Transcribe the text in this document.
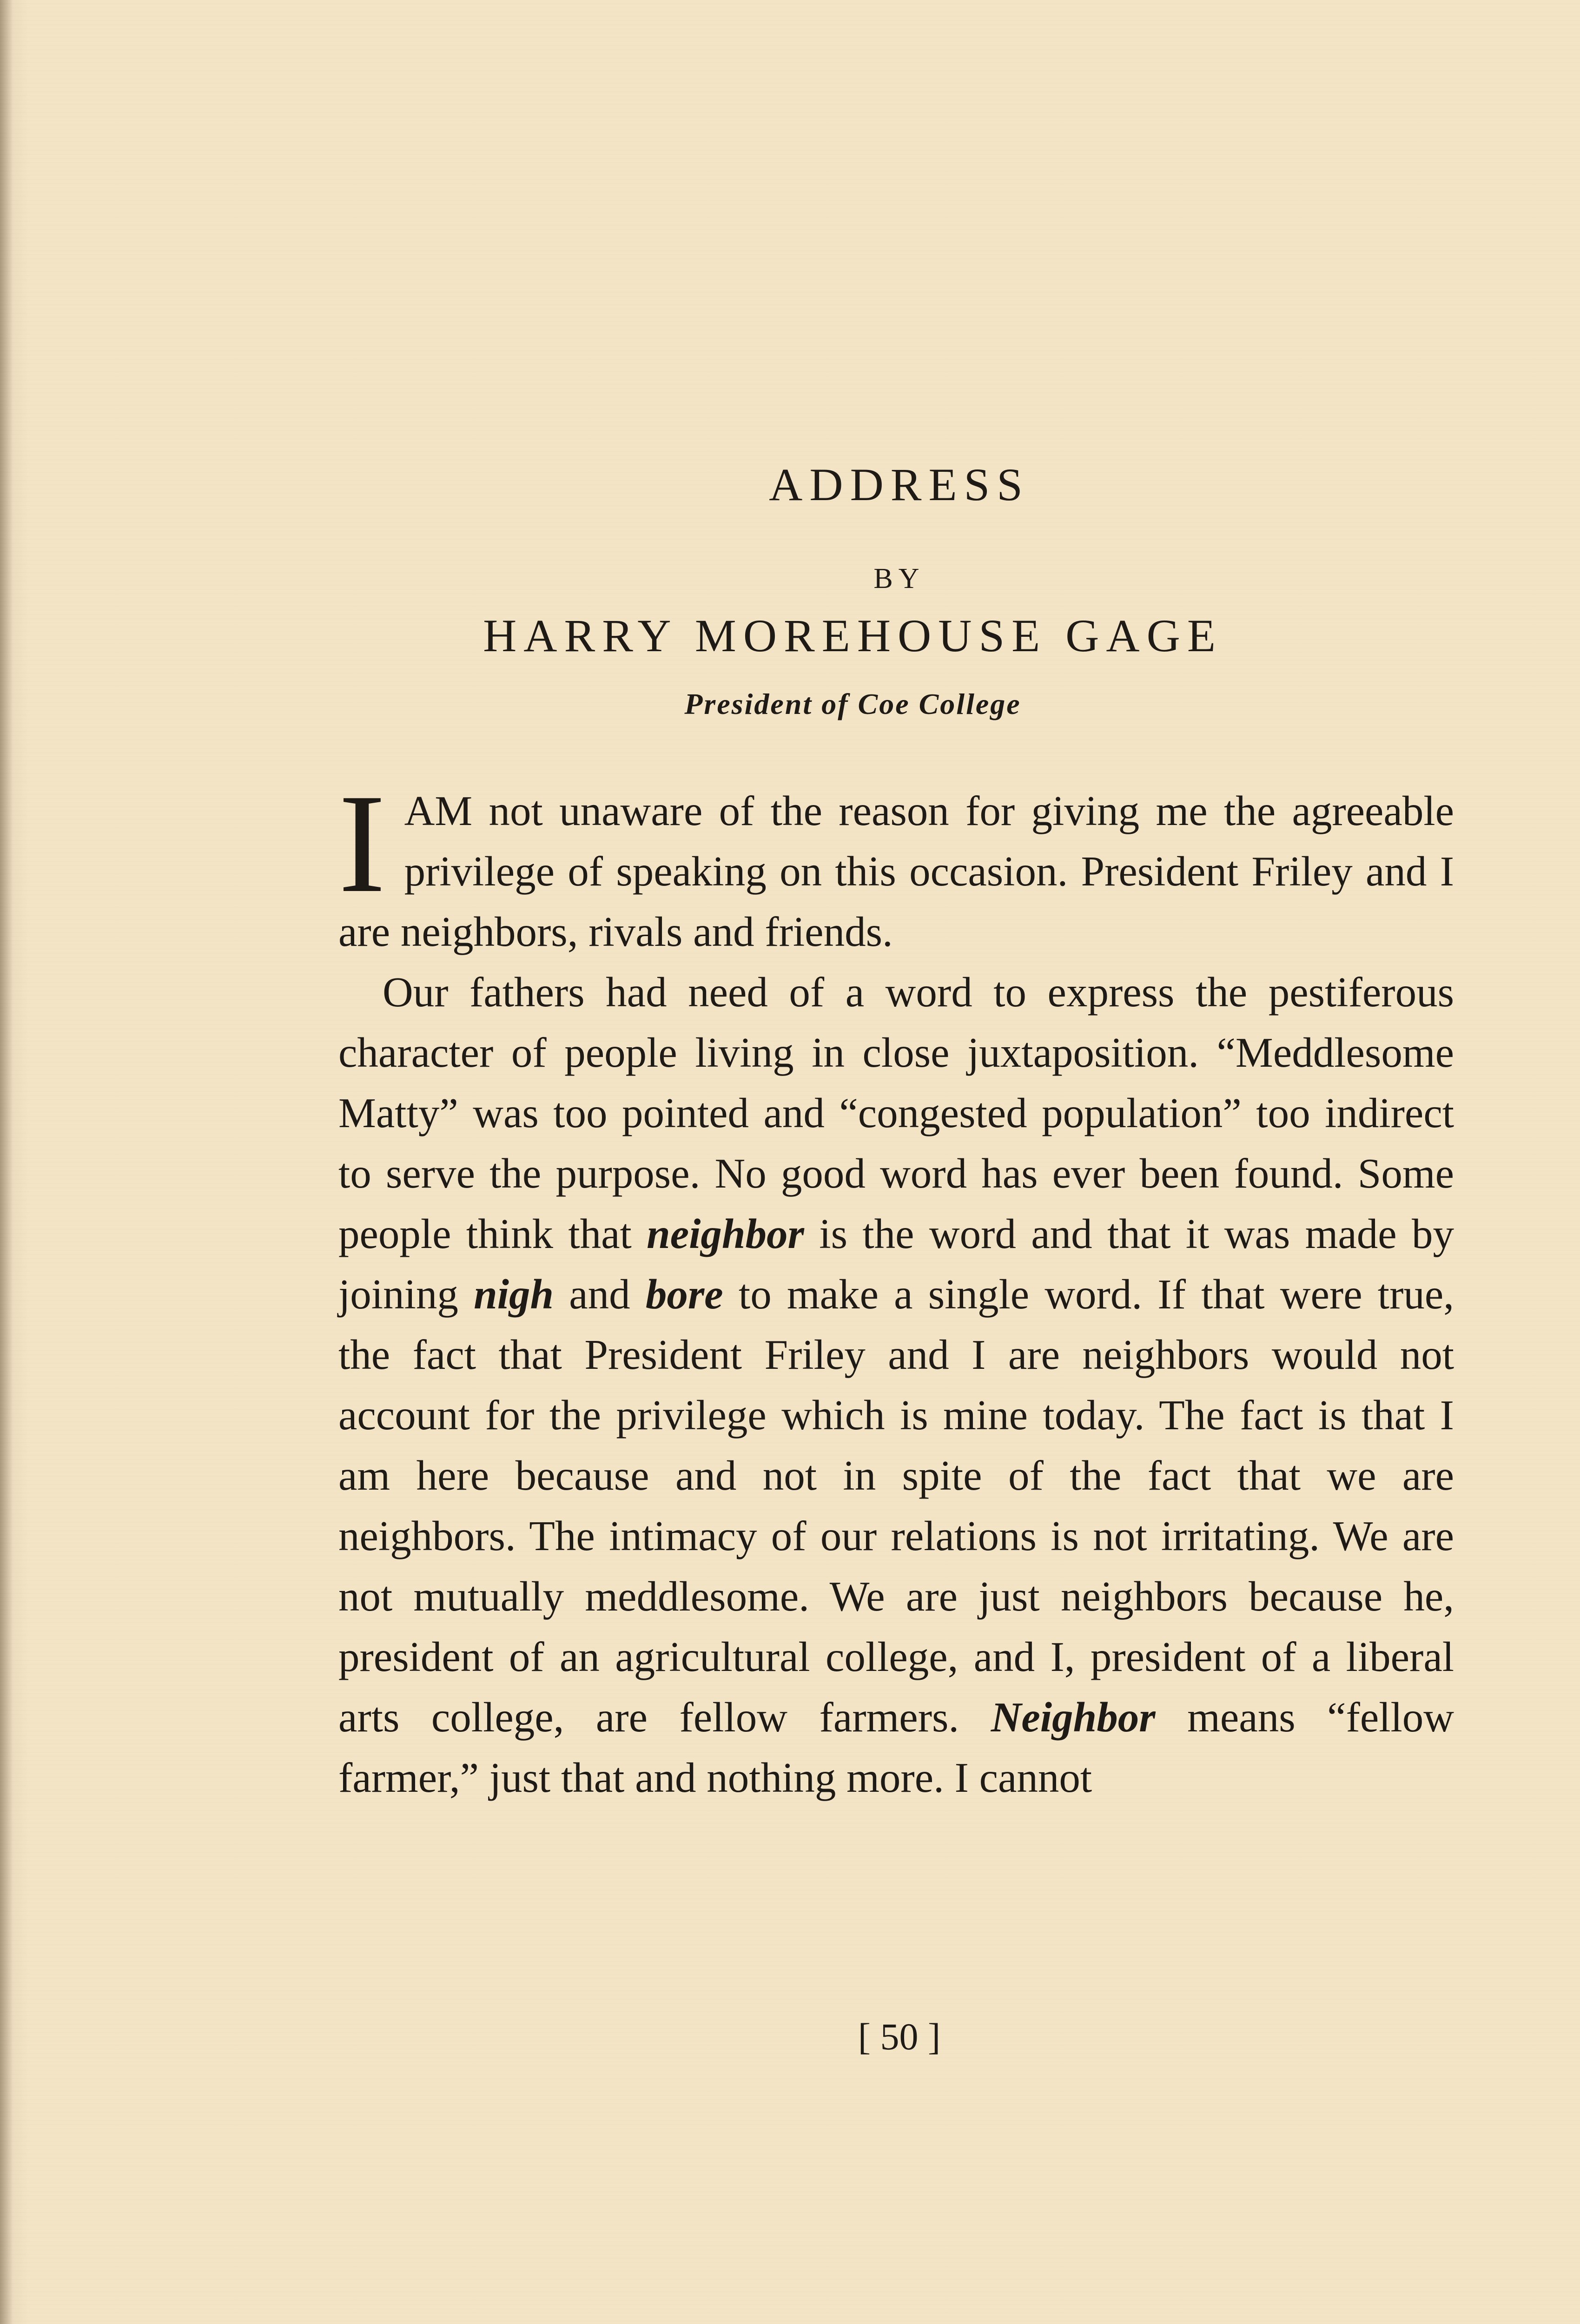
ADDRESS
BY
HARRY MOREHOUSE GAGE
President of Coe College

I AM not unaware of the reason for giving me the agreeable privilege of speaking on this occasion. President Friley and I are neighbors, rivals and friends.

Our fathers had need of a word to express the pestiferous character of people living in close juxtaposition. “Meddlesome Matty” was too pointed and “congested population” too indirect to serve the purpose. No good word has ever been found. Some people think that neighbor is the word and that it was made by joining nigh and bore to make a single word. If that were true, the fact that President Friley and I are neighbors would not account for the privilege which is mine today. The fact is that I am here because and not in spite of the fact that we are neighbors. The intimacy of our relations is not irritating. We are not mutually meddlesome. We are just neighbors because he, president of an agricultural college, and I, president of a liberal arts college, are fellow farmers. Neighbor means “fellow farmer,” just that and nothing more. I cannot

[ 50 ]
